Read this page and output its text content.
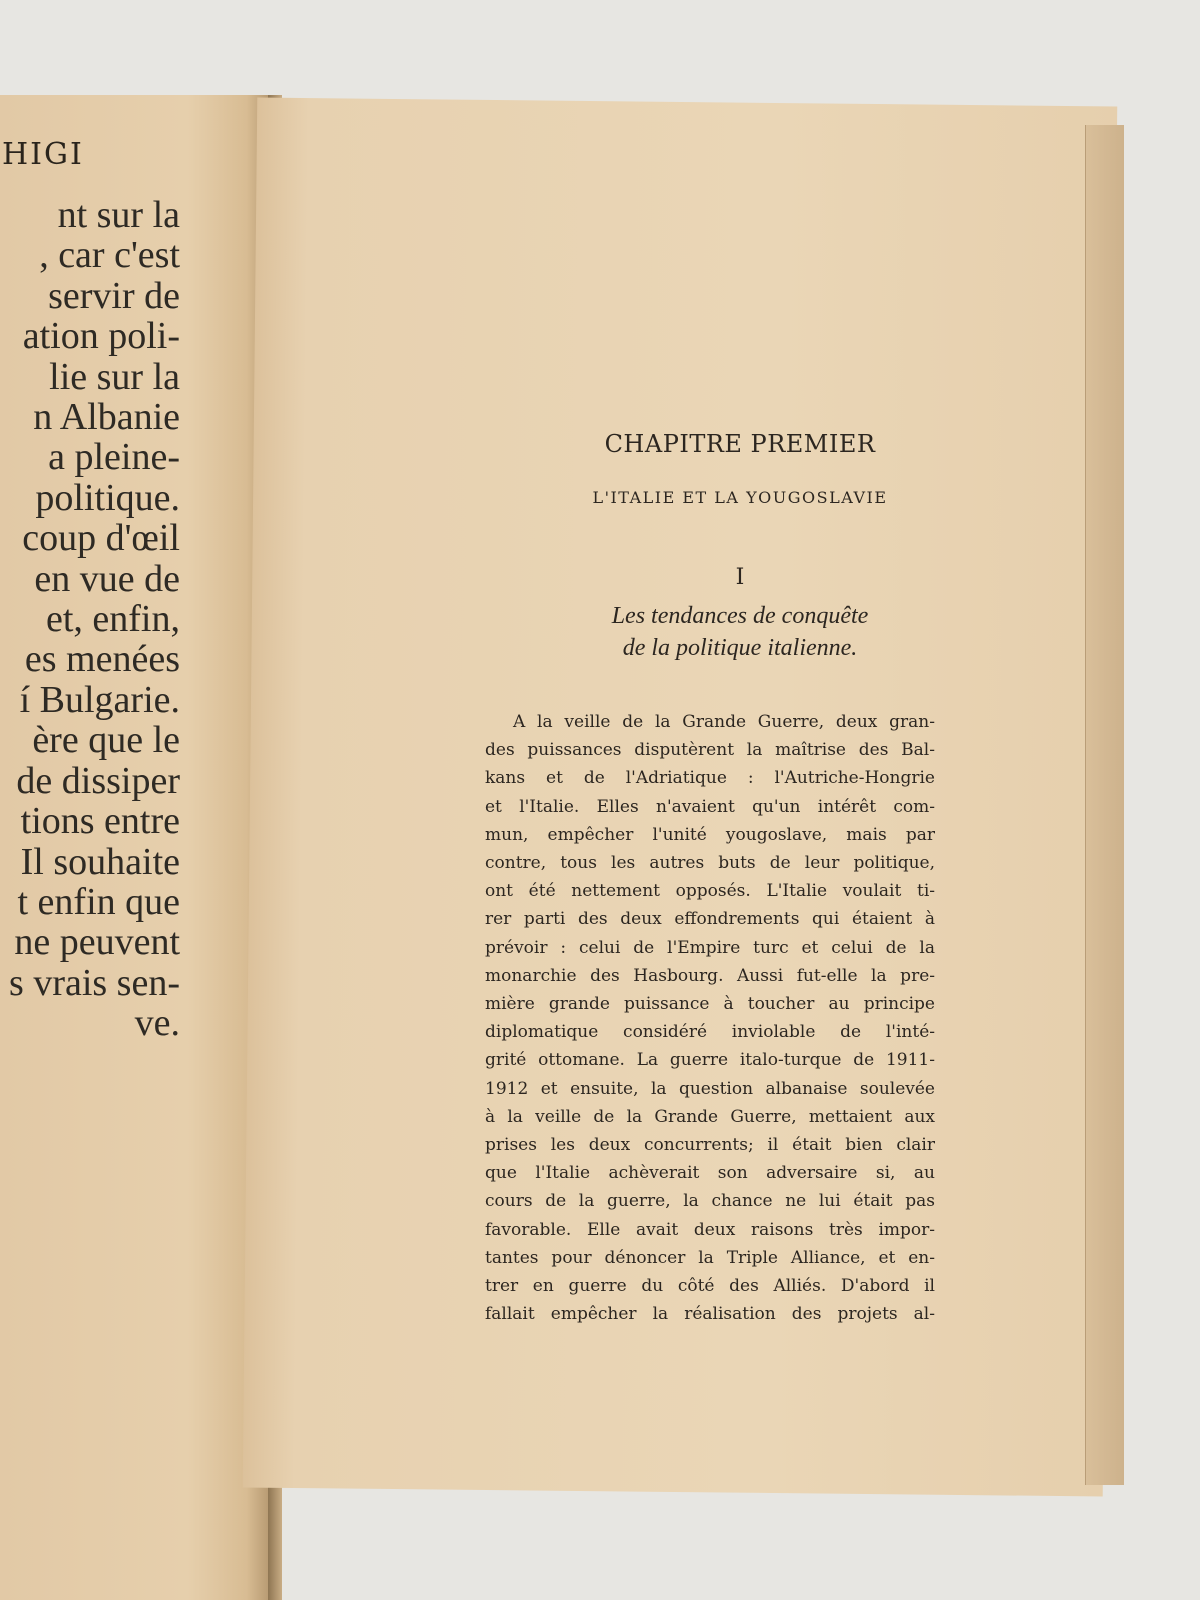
HIGI
nt sur la
, car c'est
servir de
ation poli-
lie sur la
n Albanie
a pleine-
politique.
coup d'œil
en vue de
et, enfin,
es menées
í Bulgarie.
ère que le
de dissiper
tions entre
Il souhaite
t enfin que
ne peuvent
s vrais sen-
ve.
CHAPITRE PREMIER
L'ITALIE ET LA YOUGOSLAVIE
I
Les tendances de conquête
de la politique italienne.
A la veille de la Grande Guerre, deux gran-
des puissances disputèrent la maîtrise des Bal-
kans et de l'Adriatique : l'Autriche-Hongrie
et l'Italie. Elles n'avaient qu'un intérêt com-
mun, empêcher l'unité yougoslave, mais par
contre, tous les autres buts de leur politique,
ont été nettement opposés. L'Italie voulait ti-
rer parti des deux effondrements qui étaient à
prévoir : celui de l'Empire turc et celui de la
monarchie des Hasbourg. Aussi fut-elle la pre-
mière grande puissance à toucher au principe
diplomatique considéré inviolable de l'inté-
grité ottomane. La guerre italo-turque de 1911-
1912 et ensuite, la question albanaise soulevée
à la veille de la Grande Guerre, mettaient aux
prises les deux concurrents; il était bien clair
que l'Italie achèverait son adversaire si, au
cours de la guerre, la chance ne lui était pas
favorable. Elle avait deux raisons très impor-
tantes pour dénoncer la Triple Alliance, et en-
trer en guerre du côté des Alliés. D'abord il
fallait empêcher la réalisation des projets al-
